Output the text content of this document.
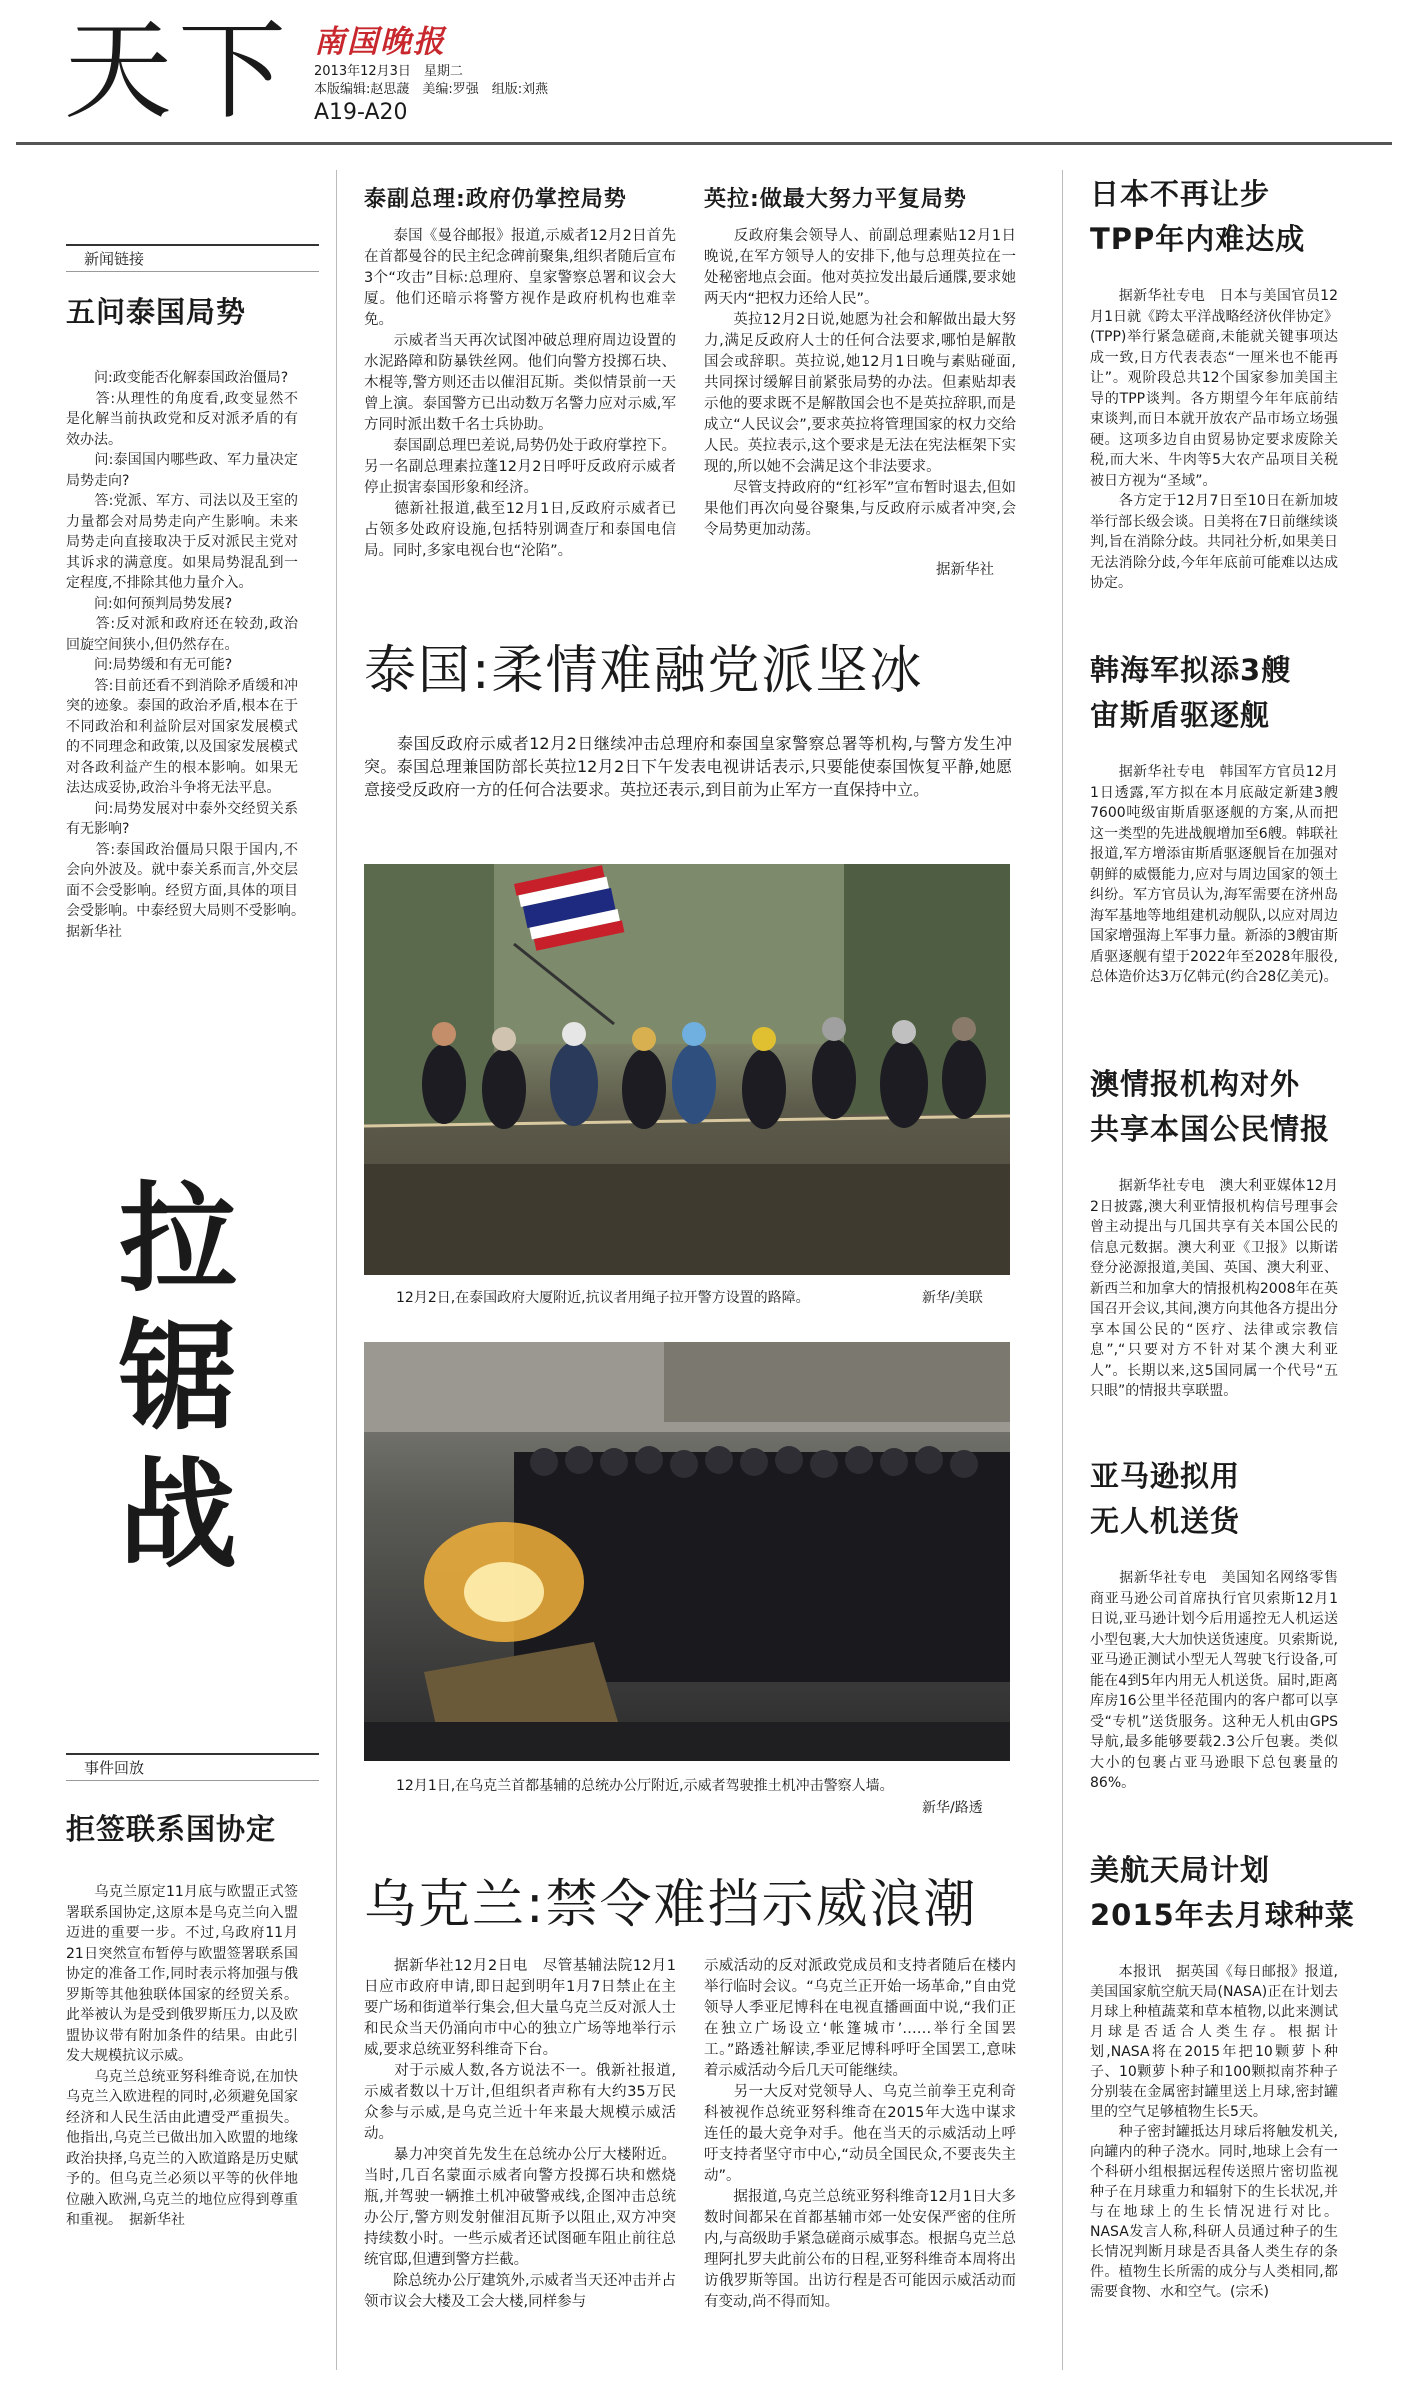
天下 南国晚报
2013年12月3日　星期二
本版编辑:赵思蘐　美编:罗强　组版:刘燕
A19-A20
新闻链接
五问泰国局势
　　问:政变能否化解泰国政治僵局?
　　答:从理性的角度看,政变显然不是化解当前执政党和反对派矛盾的有效办法。
　　问:泰国国内哪些政、军力量决定局势走向?
　　答:党派、军方、司法以及王室的力量都会对局势走向产生影响。未来局势走向直接取决于反对派民主党对其诉求的满意度。如果局势混乱到一定程度,不排除其他力量介入。
　　问:如何预判局势发展?
　　答:反对派和政府还在较劲,政治回旋空间狭小,但仍然存在。
　　问:局势缓和有无可能?
　　答:目前还看不到消除矛盾缓和冲突的迹象。泰国的政治矛盾,根本在于不同政治和利益阶层对国家发展模式的不同理念和政策,以及国家发展模式对各政利益产生的根本影响。如果无法达成妥协,政治斗争将无法平息。
　　问:局势发展对中泰外交经贸关系有无影响?
　　答:泰国政治僵局只限于国内,不会向外波及。就中泰关系而言,外交层面不会受影响。经贸方面,具体的项目会受影响。中泰经贸大局则不受影响。　据新华社
拉锯战
事件回放
拒签联系国协定
　　乌克兰原定11月底与欧盟正式签署联系国协定,这原本是乌克兰向入盟迈进的重要一步。不过,乌政府11月21日突然宣布暂停与欧盟签署联系国协定的准备工作,同时表示将加强与俄罗斯等其他独联体国家的经贸关系。此举被认为是受到俄罗斯压力,以及欧盟协议带有附加条件的结果。由此引发大规模抗议示威。
　　乌克兰总统亚努科维奇说,在加快乌克兰入欧进程的同时,必须避免国家经济和人民生活由此遭受严重损失。他指出,乌克兰已做出加入欧盟的地缘政治抉择,乌克兰的入欧道路是历史赋予的。但乌克兰必须以平等的伙伴地位融入欧洲,乌克兰的地位应得到尊重和重视。　据新华社
泰副总理:政府仍掌控局势
　　泰国《曼谷邮报》报道,示威者12月2日首先在首都曼谷的民主纪念碑前聚集,组织者随后宣布3个“攻击”目标:总理府、皇家警察总署和议会大厦。他们还暗示将警方视作是政府机构也难幸免。
　　示威者当天再次试图冲破总理府周边设置的水泥路障和防暴铁丝网。他们向警方投掷石块、木棍等,警方则还击以催泪瓦斯。类似情景前一天曾上演。泰国警方已出动数万名警力应对示威,军方同时派出数千名士兵协助。
　　泰国副总理巴差说,局势仍处于政府掌控下。另一名副总理素拉蓬12月2日呼吁反政府示威者停止损害泰国形象和经济。
　　德新社报道,截至12月1日,反政府示威者已占领多处政府设施,包括特别调查厅和泰国电信局。同时,多家电视台也“沦陷”。
英拉:做最大努力平复局势
　　反政府集会领导人、前副总理素贴12月1日晚说,在军方领导人的安排下,他与总理英拉在一处秘密地点会面。他对英拉发出最后通牒,要求她两天内“把权力还给人民”。
　　英拉12月2日说,她愿为社会和解做出最大努力,满足反政府人士的任何合法要求,哪怕是解散国会或辞职。英拉说,她12月1日晚与素贴碰面,共同探讨缓解目前紧张局势的办法。但素贴却表示他的要求既不是解散国会也不是英拉辞职,而是成立“人民议会”,要求英拉将管理国家的权力交给人民。英拉表示,这个要求是无法在宪法框架下实现的,所以她不会满足这个非法要求。
　　尽管支持政府的“红衫军”宣布暂时退去,但如果他们再次向曼谷聚集,与反政府示威者冲突,会令局势更加动荡。
据新华社
泰国:柔情难融党派坚冰
　　泰国反政府示威者12月2日继续冲击总理府和泰国皇家警察总署等机构,与警方发生冲突。泰国总理兼国防部长英拉12月2日下午发表电视讲话表示,只要能使泰国恢复平静,她愿意接受反政府一方的任何合法要求。英拉还表示,到目前为止军方一直保持中立。
12月2日,在泰国政府大厦附近,抗议者用绳子拉开警方设置的路障。	新华/美联
12月1日,在乌克兰首都基辅的总统办公厅附近,示威者驾驶推土机冲击警察人墙。
新华/路透
乌克兰:禁令难挡示威浪潮
　　据新华社12月2日电　尽管基辅法院12月1日应市政府申请,即日起到明年1月7日禁止在主要广场和街道举行集会,但大量乌克兰反对派人士和民众当天仍涌向市中心的独立广场等地举行示威,要求总统亚努科维奇下台。
　　对于示威人数,各方说法不一。俄新社报道,示威者数以十万计,但组织者声称有大约35万民众参与示威,是乌克兰近十年来最大规模示威活动。
　　暴力冲突首先发生在总统办公厅大楼附近。当时,几百名蒙面示威者向警方投掷石块和燃烧瓶,并驾驶一辆推土机冲破警戒线,企图冲击总统办公厅,警方则发射催泪瓦斯予以阻止,双方冲突持续数小时。一些示威者还试图砸车阻止前往总统官邸,但遭到警方拦截。
　　除总统办公厅建筑外,示威者当天还冲击并占领市议会大楼及工会大楼,同样参与
示威活动的反对派政党成员和支持者随后在楼内举行临时会议。“乌克兰正开始一场革命,”自由党领导人季亚尼博科在电视直播画面中说,“我们正在独立广场设立‘帐篷城市’……举行全国罢工。”路透社解读,季亚尼博科呼吁全国罢工,意味着示威活动今后几天可能继续。
　　另一大反对党领导人、乌克兰前拳王克利奇科被视作总统亚努科维奇在2015年大选中谋求连任的最大竞争对手。他在当天的示威活动上呼吁支持者坚守市中心,“动员全国民众,不要丧失主动”。
　　据报道,乌克兰总统亚努科维奇12月1日大多数时间都呆在首都基辅市郊一处安保严密的住所内,与高级助手紧急磋商示威事态。根据乌克兰总理阿扎罗夫此前公布的日程,亚努科维奇本周将出访俄罗斯等国。出访行程是否可能因示威活动而有变动,尚不得而知。
日本不再让步
TPP年内难达成
　　据新华社专电　日本与美国官员12月1日就《跨太平洋战略经济伙伴协定》(TPP)举行紧急磋商,未能就关键事项达成一致,日方代表表态“一厘米也不能再让”。观阶段总共12个国家参加美国主导的TPP谈判。各方期望今年年底前结束谈判,而日本就开放农产品市场立场强硬。这项多边自由贸易协定要求废除关税,而大米、牛肉等5大农产品项目关税被日方视为“圣域”。
　　各方定于12月7日至10日在新加坡举行部长级会谈。日美将在7日前继续谈判,旨在消除分歧。共同社分析,如果美日无法消除分歧,今年年底前可能难以达成协定。
韩海军拟添3艘
宙斯盾驱逐舰
　　据新华社专电　韩国军方官员12月1日透露,军方拟在本月底敲定新建3艘7600吨级宙斯盾驱逐舰的方案,从而把这一类型的先进战舰增加至6艘。韩联社报道,军方增添宙斯盾驱逐舰旨在加强对朝鲜的威慑能力,应对与周边国家的领土纠纷。军方官员认为,海军需要在济州岛海军基地等地组建机动舰队,以应对周边国家增强海上军事力量。新添的3艘宙斯盾驱逐舰有望于2022年至2028年服役,总体造价达3万亿韩元(约合28亿美元)。
澳情报机构对外
共享本国公民情报
　　据新华社专电　澳大利亚媒体12月2日披露,澳大利亚情报机构信号理事会曾主动提出与几国共享有关本国公民的信息元数据。澳大利亚《卫报》以斯诺登分泌源报道,美国、英国、澳大利亚、新西兰和加拿大的情报机构2008年在英国召开会议,其间,澳方向其他各方提出分享本国公民的“医疗、法律或宗教信息”,“只要对方不针对某个澳大利亚人”。长期以来,这5国同属一个代号“五只眼”的情报共享联盟。
亚马逊拟用
无人机送货
　　据新华社专电　美国知名网络零售商亚马逊公司首席执行官贝索斯12月1日说,亚马逊计划今后用遥控无人机运送小型包裹,大大加快送货速度。贝索斯说,亚马逊正测试小型无人驾驶飞行设备,可能在4到5年内用无人机送货。届时,距离库房16公里半径范围内的客户都可以享受“专机”送货服务。这种无人机由GPS导航,最多能够要载2.3公斤包裹。类似大小的包裹占亚马逊眼下总包裹量的86%。
美航天局计划
2015年去月球种菜
　　本报讯　据英国《每日邮报》报道,美国国家航空航天局(NASA)正在计划去月球上种植蔬菜和草本植物,以此来测试月球是否适合人类生存。根据计划,NASA将在2015年把10颗萝卜种子、10颗萝卜种子和100颗拟南芥种子分别装在金属密封罐里送上月球,密封罐里的空气足够植物生长5天。
　　种子密封罐抵达月球后将触发机关,向罐内的种子浇水。同时,地球上会有一个科研小组根据远程传送照片密切监视种子在月球重力和辐射下的生长状况,并与在地球上的生长情况进行对比。NASA发言人称,科研人员通过种子的生长情况判断月球是否具备人类生存的条件。植物生长所需的成分与人类相同,都需要食物、水和空气。(宗禾)
